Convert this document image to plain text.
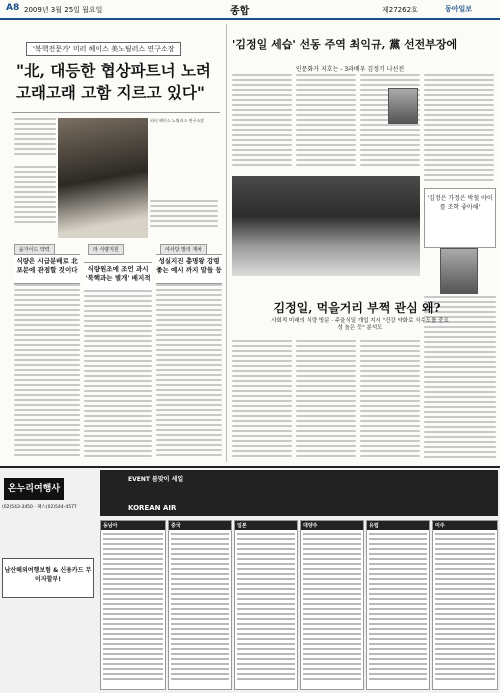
A8 2009년 3월 25일 월요일	종합	제27262호	동아일보
'북핵전문가' 미러 헤이스 美노틸러스 연구소장
"北, 대등한 협상파트너 노려 고래고래 고함 지르고 있다"
피터 헤이스 노틸러스 연구소장
윤가이드 약력	라 식량지원	여사당 발의 재차
식량은 시급분배로 北 포문에 관점할 것이다	식량원조에 조언 과시 '북핵과는 별개' 배지적
성실지진 총명왕 강령 좋는 예시 까지 말들 등
'김정일 세습' 선동 주역 최익규, 黨 선전부장에
인문화가 지호는 - 3과배우 김정기 나선전
'김정은 가정은 박철 야이를 조학 좋아해'
김정일, 먹을거리 부쩍 관심 왜?
사회적 미래의 식량 방문 · 주울식일 개업 지시 "건강 약화로 식수도를 중요성 높은 듯" 분석도
온누리여행사
(02)543-3450 · 팩스(02)544-4577
EVENT 봄맞이 세일
KOREAN AIR
남산해외여행보험 & 신용카드 무이자할부!
동남아	중국	일본	대양주	유럽	미주
